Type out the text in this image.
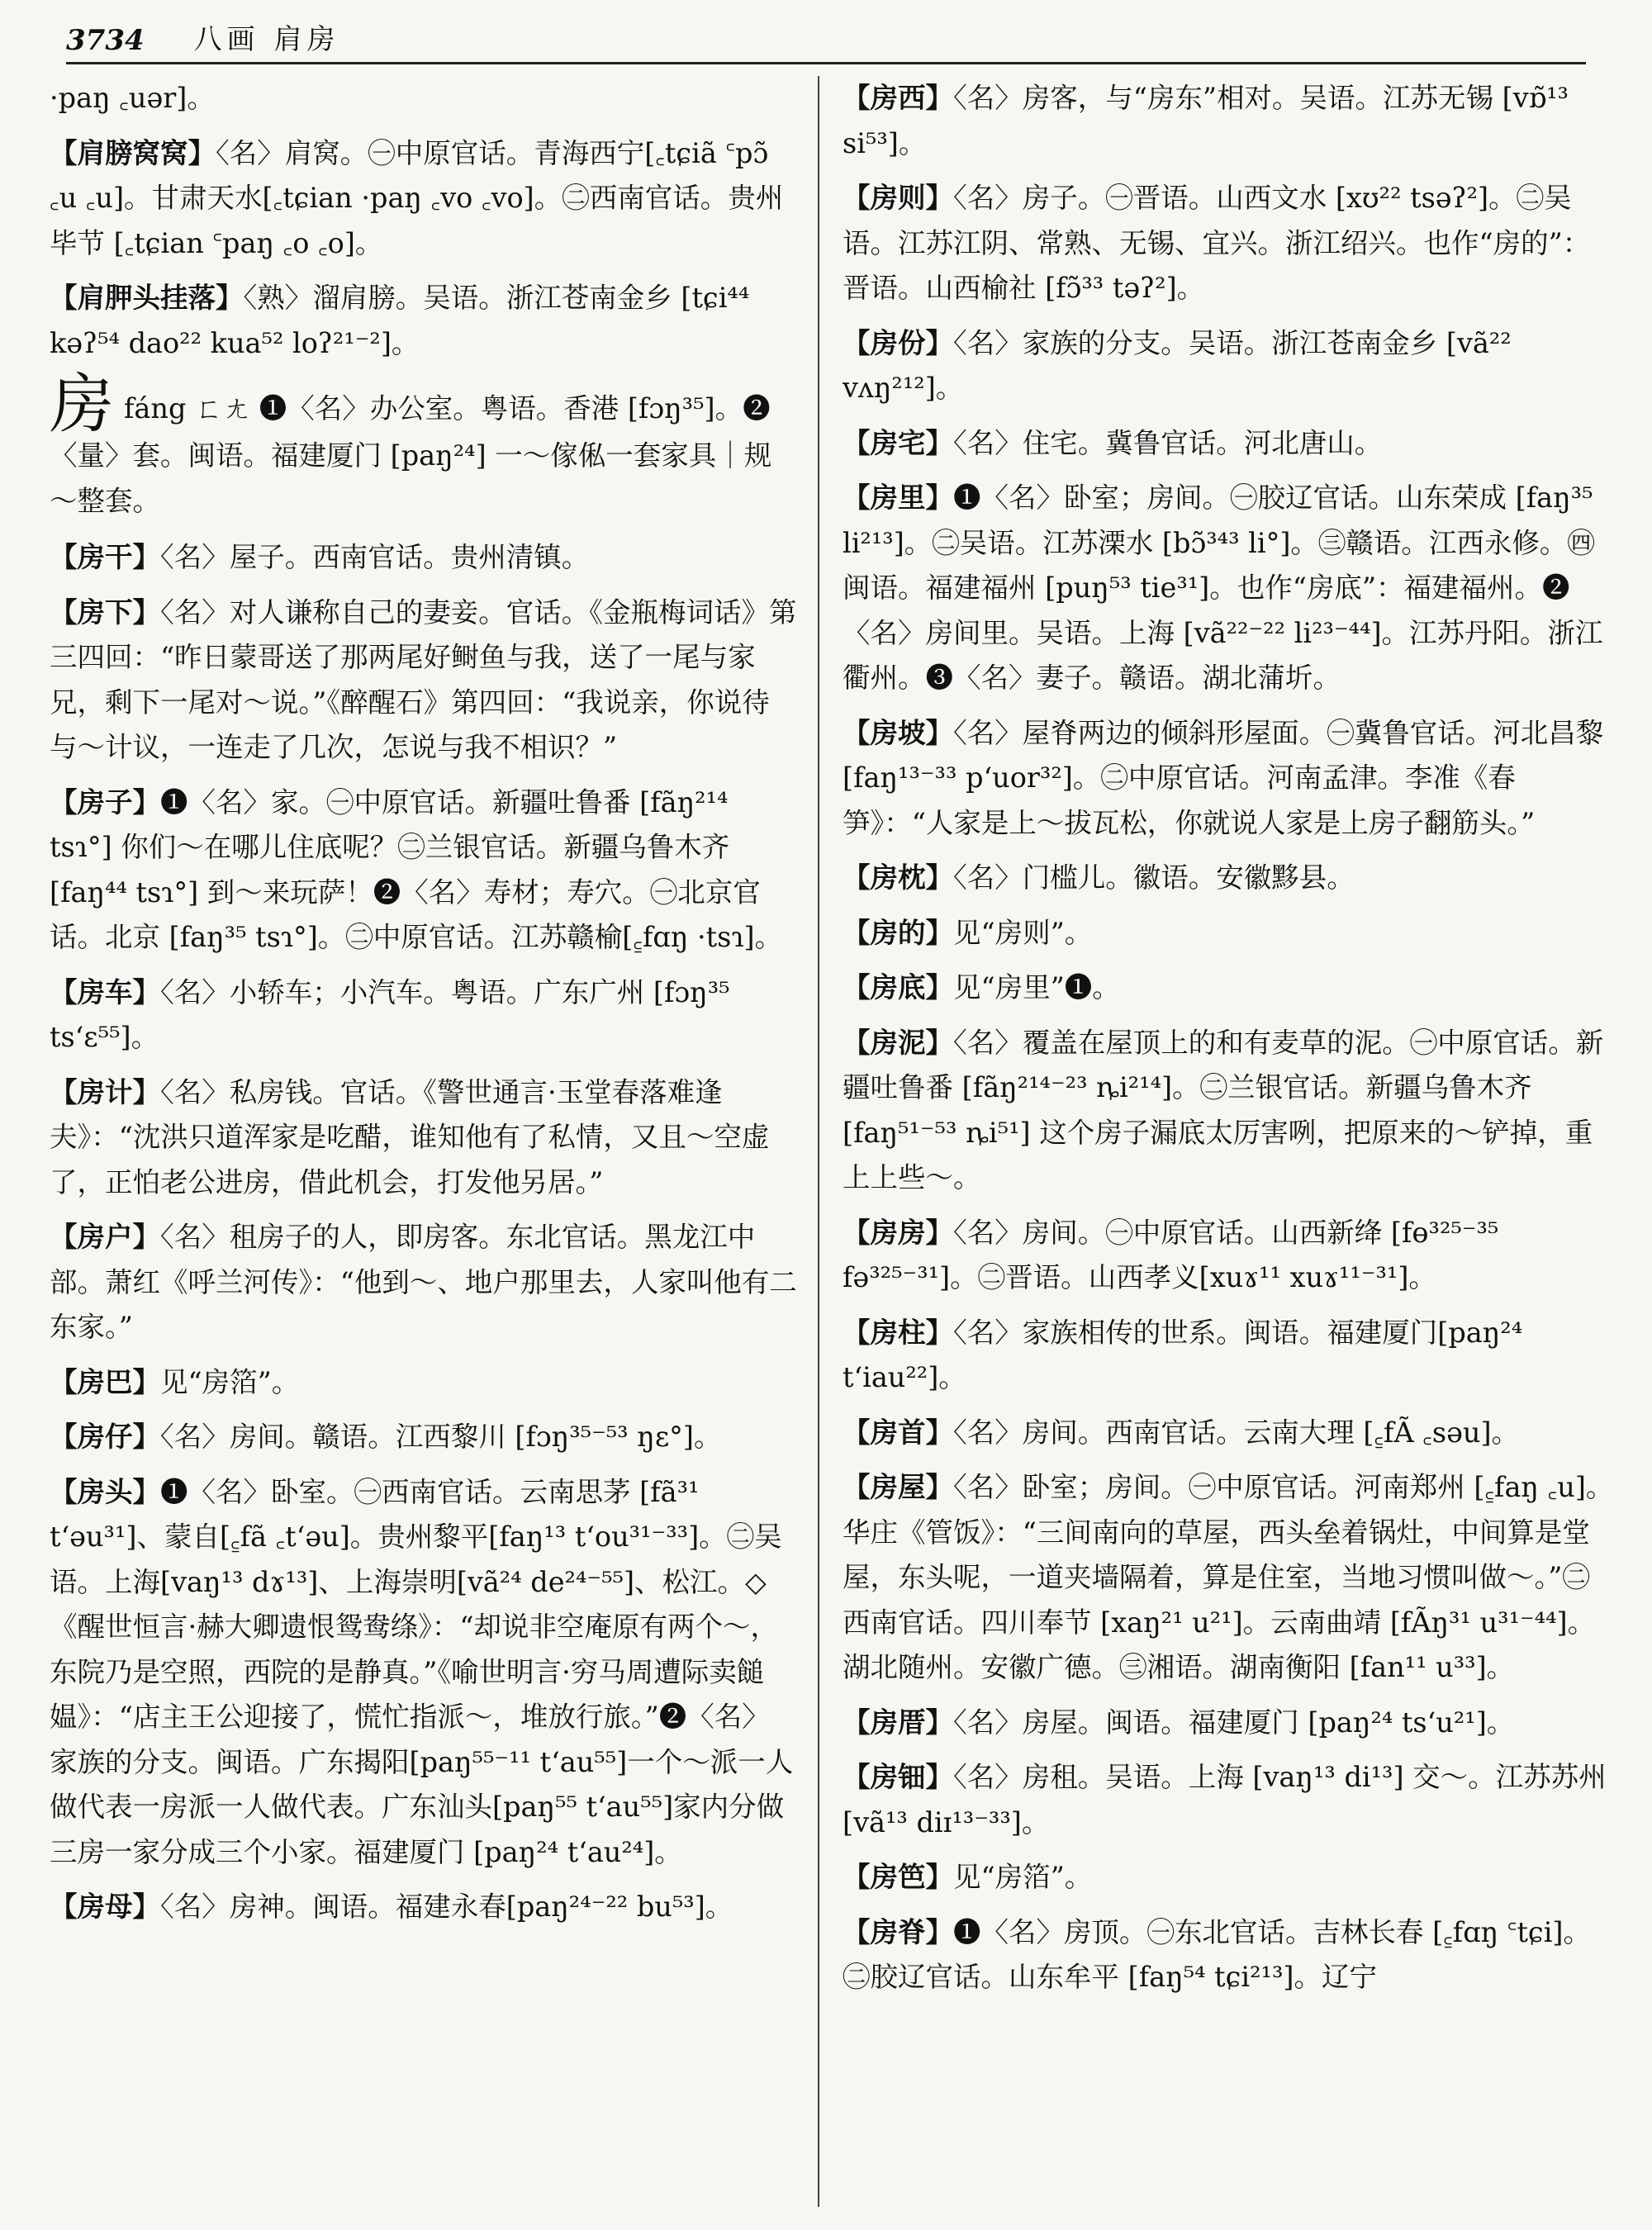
3734 八画 肩房

·paŋ ꜀uər]。

【肩膀窝窝】〈名〉肩窝。㊀中原官话。青海西宁[꜀tɕiã ꜂pɔ̃ ꜀u ꜀u]。甘肃天水[꜀tɕian ·paŋ ꜀vo ꜀vo]。㊁西南官话。贵州毕节 [꜀tɕian ꜂paŋ ꜀o ꜀o]。

【肩胛头挂落】〈熟〉溜肩膀。吴语。浙江苍南金乡 [tɕi⁴⁴ kəʔ⁵⁴ dao²² kua⁵² loʔ²¹⁻²]。

房fáng ㄈㄤ ❶〈名〉办公室。粤语。香港 [fɔŋ³⁵]。❷〈量〉套。闽语。福建厦门 [paŋ²⁴] 一～傢俬一套家具｜规～整套。

【房干】〈名〉屋子。西南官话。贵州清镇。

【房下】〈名〉对人谦称自己的妻妾。官话。《金瓶梅词话》第三四回：“昨日蒙哥送了那两尾好鲥鱼与我，送了一尾与家兄，剩下一尾对～说。”《醉醒石》第四回：“我说亲，你说待与～计议，一连走了几次，怎说与我不相识？”

【房子】❶〈名〉家。㊀中原官话。新疆吐鲁番 [fãŋ²¹⁴ tsɿ°] 你们～在哪儿住底呢？㊁兰银官话。新疆乌鲁木齐 [faŋ⁴⁴ tsɿ°] 到～来玩萨！❷〈名〉寿材；寿穴。㊀北京官话。北京 [faŋ³⁵ tsɿ°]。㊁中原官话。江苏赣榆[꜁fɑŋ ·tsɿ]。

【房车】〈名〉小轿车；小汽车。粤语。广东广州 [fɔŋ³⁵ tsʻɛ⁵⁵]。

【房计】〈名〉私房钱。官话。《警世通言·玉堂春落难逢夫》：“沈洪只道浑家是吃醋，谁知他有了私情，又且～空虚了，正怕老公进房，借此机会，打发他另居。”

【房户】〈名〉租房子的人，即房客。东北官话。黑龙江中部。萧红《呼兰河传》：“他到～、地户那里去，人家叫他有二东家。”

【房巴】见“房箔”。

【房仔】〈名〉房间。赣语。江西黎川 [fɔŋ³⁵⁻⁵³ ŋɛ°]。

【房头】❶〈名〉卧室。㊀西南官话。云南思茅 [fã³¹ tʻəu³¹]、蒙自[꜁fã ꜀tʻəu]。贵州黎平[faŋ¹³ tʻou³¹⁻³³]。㊁吴语。上海[vaŋ¹³ dɤ¹³]、上海崇明[vã²⁴ de²⁴⁻⁵⁵]、松江。◇《醒世恒言·赫大卿遗恨鸳鸯绦》：“却说非空庵原有两个～，东院乃是空照，西院的是静真。”《喻世明言·穷马周遭际卖䭔媪》：“店主王公迎接了，慌忙指派～，堆放行旅。”❷〈名〉家族的分支。闽语。广东揭阳[paŋ⁵⁵⁻¹¹ tʻau⁵⁵]一个～派一人做代表一房派一人做代表。广东汕头[paŋ⁵⁵ tʻau⁵⁵]家内分做三房一家分成三个小家。福建厦门 [paŋ²⁴ tʻau²⁴]。

【房母】〈名〉房神。闽语。福建永春[paŋ²⁴⁻²² bu⁵³]。

【房西】〈名〉房客，与“房东”相对。吴语。江苏无锡 [vɒ̃¹³ si⁵³]。

【房则】〈名〉房子。㊀晋语。山西文水 [xʊ²² tsəʔ²]。㊁吴语。江苏江阴、常熟、无锡、宜兴。浙江绍兴。也作“房的”：晋语。山西榆社 [fɔ̃³³ təʔ²]。

【房份】〈名〉家族的分支。吴语。浙江苍南金乡 [vã²² vʌŋ²¹²]。

【房宅】〈名〉住宅。冀鲁官话。河北唐山。

【房里】❶〈名〉卧室；房间。㊀胶辽官话。山东荣成 [faŋ³⁵ li²¹³]。㊁吴语。江苏溧水 [bɔ̃³⁴³ li°]。㊂赣语。江西永修。㊃闽语。福建福州 [puŋ⁵³ tie³¹]。也作“房底”：福建福州。❷〈名〉房间里。吴语。上海 [vã²²⁻²² li²³⁻⁴⁴]。江苏丹阳。浙江衢州。❸〈名〉妻子。赣语。湖北蒲圻。

【房坡】〈名〉屋脊两边的倾斜形屋面。㊀冀鲁官话。河北昌黎 [faŋ¹³⁻³³ pʻuor³²]。㊁中原官话。河南孟津。李准《春笋》：“人家是上～拔瓦松，你就说人家是上房子翻筋头。”

【房枕】〈名〉门槛儿。徽语。安徽黟县。

【房的】见“房则”。

【房底】见“房里”❶。

【房泥】〈名〉覆盖在屋顶上的和有麦草的泥。㊀中原官话。新疆吐鲁番 [fãŋ²¹⁴⁻²³ ȵi²¹⁴]。㊁兰银官话。新疆乌鲁木齐 [faŋ⁵¹⁻⁵³ ȵi⁵¹] 这个房子漏底太厉害咧，把原来的～铲掉，重上上些～。

【房房】〈名〉房间。㊀中原官话。山西新绛 [fɵ³²⁵⁻³⁵ fə³²⁵⁻³¹]。㊁晋语。山西孝义[xuɤ¹¹ xuɤ¹¹⁻³¹]。

【房柱】〈名〉家族相传的世系。闽语。福建厦门[paŋ²⁴ tʻiau²²]。

【房首】〈名〉房间。西南官话。云南大理 [꜁fÃ ꜀səu]。

【房屋】〈名〉卧室；房间。㊀中原官话。河南郑州 [꜁faŋ ꜀u]。华庄《管饭》：“三间南向的草屋，西头垒着锅灶，中间算是堂屋，东头呢，一道夹墙隔着，算是住室，当地习惯叫做～。”㊁西南官话。四川奉节 [xaŋ²¹ u²¹]。云南曲靖 [fÃŋ³¹ u³¹⁻⁴⁴]。湖北随州。安徽广德。㊂湘语。湖南衡阳 [fan¹¹ u³³]。

【房厝】〈名〉房屋。闽语。福建厦门 [paŋ²⁴ tsʻu²¹]。

【房钿】〈名〉房租。吴语。上海 [vaŋ¹³ di¹³] 交～。江苏苏州 [vã¹³ diɪ¹³⁻³³]。

【房笆】见“房箔”。

【房脊】❶〈名〉房顶。㊀东北官话。吉林长春 [꜁fɑŋ ꜂tɕi]。㊁胶辽官话。山东牟平 [faŋ⁵⁴ tɕi²¹³]。辽宁
